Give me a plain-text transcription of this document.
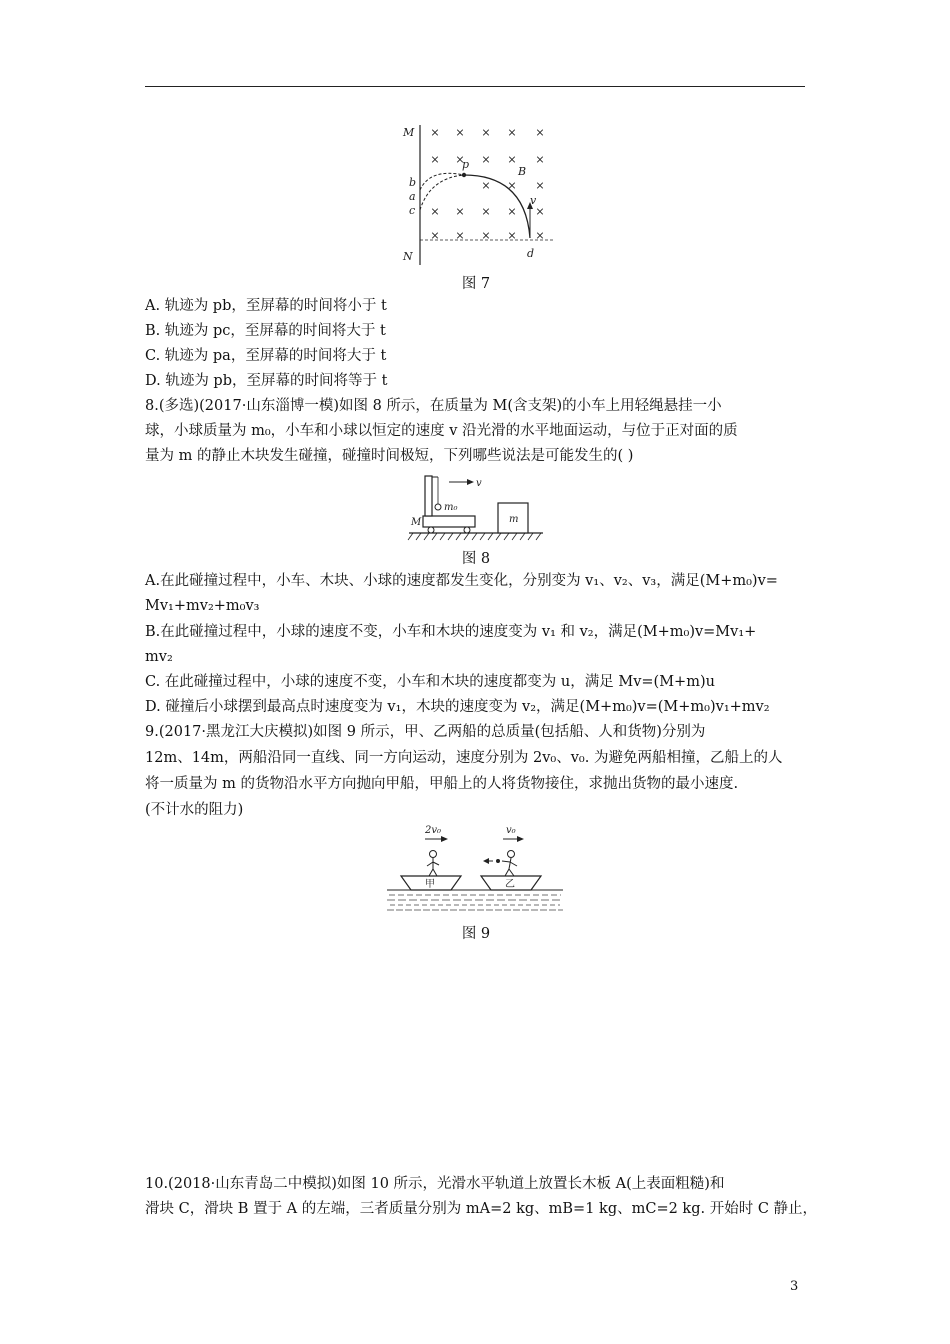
× × × × ×
× × × × ×
× × ×
× × × × ×
× × × × ×
M
N
p
B
b
a
c
v
d
图 7
A. 轨迹为 pb，至屏幕的时间将小于 t
B. 轨迹为 pc，至屏幕的时间将大于 t
C. 轨迹为 pa，至屏幕的时间将大于 t
D. 轨迹为 pb，至屏幕的时间将等于 t
8.(多选)(2017·山东淄博一模)如图 8 所示，在质量为 M(含支架)的小车上用轻绳悬挂一小
球，小球质量为 m₀，小车和小球以恒定的速度 v 沿光滑的水平地面运动，与位于正对面的质
量为 m 的静止木块发生碰撞，碰撞时间极短，下列哪些说法是可能发生的( )
v
m₀
M	m
图 8
A.在此碰撞过程中，小车、木块、小球的速度都发生变化，分别变为 v₁、v₂、v₃，满足(M+m₀)v=
Mv₁+mv₂+m₀v₃
B.在此碰撞过程中，小球的速度不变，小车和木块的速度变为 v₁ 和 v₂，满足(M+m₀)v=Mv₁+
mv₂
C. 在此碰撞过程中，小球的速度不变，小车和木块的速度都变为 u，满足 Mv=(M+m)u
D. 碰撞后小球摆到最高点时速度变为 v₁，木块的速度变为 v₂，满足(M+m₀)v=(M+m₀)v₁+mv₂
9.(2017·黑龙江大庆模拟)如图 9 所示，甲、乙两船的总质量(包括船、人和货物)分别为
12m、14m，两船沿同一直线、同一方向运动，速度分别为 2v₀、v₀. 为避免两船相撞，乙船上的人
将一质量为 m 的货物沿水平方向抛向甲船，甲船上的人将货物接住，求抛出货物的最小速度.
(不计水的阻力)
2v₀	v₀
甲	乙
图 9
10.(2018·山东青岛二中模拟)如图 10 所示，光滑水平轨道上放置长木板 A(上表面粗糙)和
滑块 C，滑块 B 置于 A 的左端，三者质量分别为 mA=2 kg、mB=1 kg、mC=2 kg. 开始时 C 静止，
3
